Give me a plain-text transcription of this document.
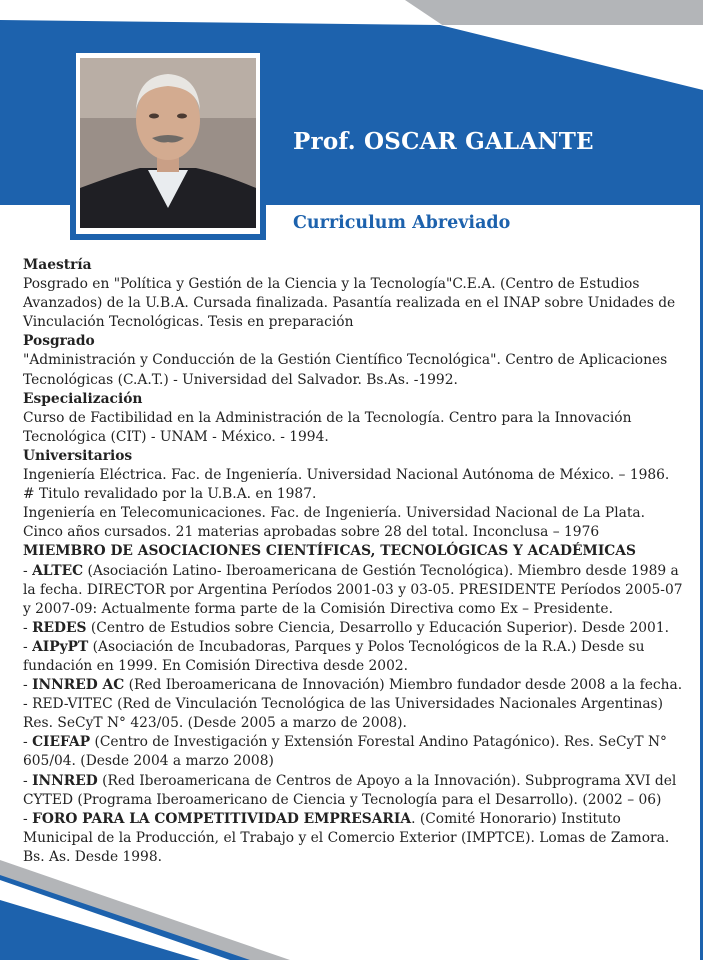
Prof. OSCAR GALANTE
Curriculum Abreviado

Maestría

Posgrado en "Política y Gestión de la Ciencia y la Tecnología"C.E.A. (Centro de Estudios Avanzados) de la U.B.A. Cursada finalizada. Pasantía realizada en el INAP sobre Unidades de Vinculación Tecnológicas. Tesis en preparación

Posgrado

"Administración y Conducción de la Gestión Científico Tecnológica". Centro de Aplicaciones Tecnológicas (C.A.T.) - Universidad del Salvador. Bs.As. -1992.

Especialización

Curso de Factibilidad en la Administración de la Tecnología. Centro para la Innovación Tecnológica (CIT) - UNAM - México. - 1994.

Universitarios

Ingeniería Eléctrica. Fac. de Ingeniería. Universidad Nacional Autónoma de México. – 1986.

# Titulo revalidado por la U.B.A. en 1987.

Ingeniería en Telecomunicaciones. Fac. de Ingeniería. Universidad Nacional de La Plata.

Cinco años cursados. 21 materias aprobadas sobre 28 del total. Inconclusa – 1976

MIEMBRO DE ASOCIACIONES CIENTÍFICAS, TECNOLÓGICAS Y ACADÉMICAS

- ALTEC (Asociación Latino- Iberoamericana de Gestión Tecnológica). Miembro desde 1989 a la fecha. DIRECTOR por Argentina Períodos 2001-03 y 03-05. PRESIDENTE Períodos 2005-07 y 2007-09: Actualmente forma parte de la Comisión Directiva como Ex – Presidente.

- REDES (Centro de Estudios sobre Ciencia, Desarrollo y Educación Superior). Desde 2001.

- AIPyPT (Asociación de Incubadoras, Parques y Polos Tecnológicos de la R.A.) Desde su fundación en 1999. En Comisión Directiva desde 2002.

- INNRED AC (Red Iberoamericana de Innovación) Miembro fundador desde 2008 a la fecha.

- RED-VITEC (Red de Vinculación Tecnológica de las Universidades Nacionales Argentinas) Res. SeCyT N° 423/05. (Desde 2005 a marzo de 2008).

- CIEFAP (Centro de Investigación y Extensión Forestal Andino Patagónico). Res. SeCyT N° 605/04. (Desde 2004 a marzo 2008)

- INNRED (Red Iberoamericana de Centros de Apoyo a la Innovación). Subprograma XVI del CYTED (Programa Iberoamericano de Ciencia y Tecnología para el Desarrollo). (2002 – 06)

- FORO PARA LA COMPETITIVIDAD EMPRESARIA. (Comité Honorario) Instituto Municipal de la Producción, el Trabajo y el Comercio Exterior (IMPTCE). Lomas de Zamora. Bs. As. Desde 1998.
